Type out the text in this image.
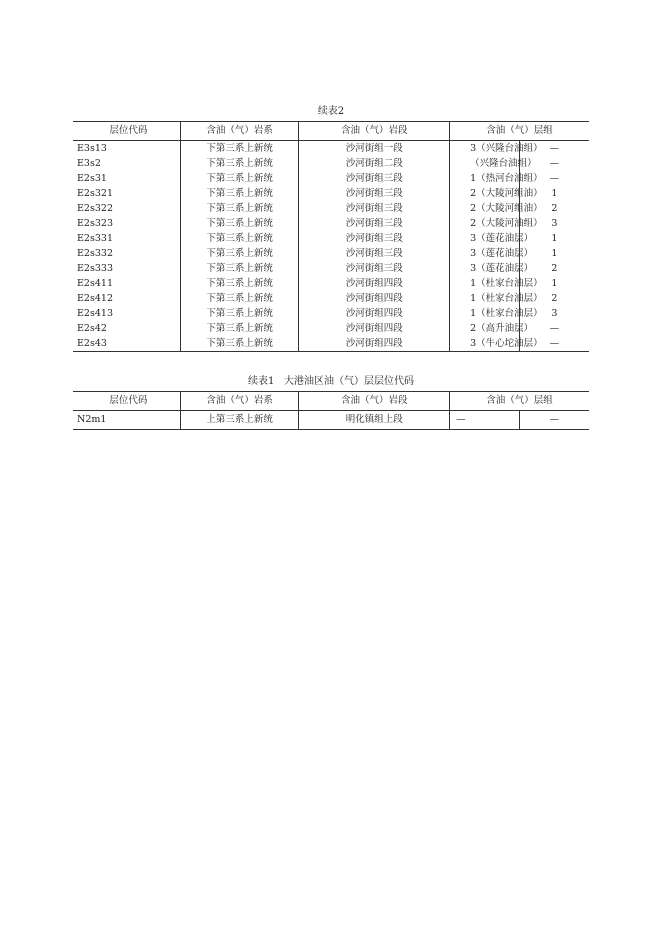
续表2
层位代码	含油（气）岩系	含油（气）岩段	含油（气）层组	
E3s13	下第三系上新统	沙河街组一段	3（兴隆台油组）	—
E3s2	下第三系上新统	沙河街组二段	（兴隆台油组）	—
E2s31	下第三系上新统	沙河街组三段	1（热河台油组）	—
E2s321	下第三系上新统	沙河街组三段	2（大陵河组油）	1
E2s322	下第三系上新统	沙河街组三段	2（大陵河组油）	2
E2s323	下第三系上新统	沙河街组三段	2（大陵河油组）	3
E2s331	下第三系上新统	沙河街组三段	3（莲花油层）	1
E2s332	下第三系上新统	沙河街组三段	3（莲花油层）	1
E2s333	下第三系上新统	沙河街组三段	3（莲花油层）	2
E2s411	下第三系上新统	沙河街组四段	1（杜家台油层）	1
E2s412	下第三系上新统	沙河街组四段	1（杜家台油层）	2
E2s413	下第三系上新统	沙河街组四段	1（杜家台油层）	3
E2s42	下第三系上新统	沙河街组四段	2（高升油层）	—
E2s43	下第三系上新统	沙河街组四段	3（牛心坨油层）	—
续表1   大港油区油（气）层层位代码
层位代码	含油（气）岩系	含油（气）岩段	含油（气）层组	
N2m1	上第三系上新统	明化镇组上段	—	—
